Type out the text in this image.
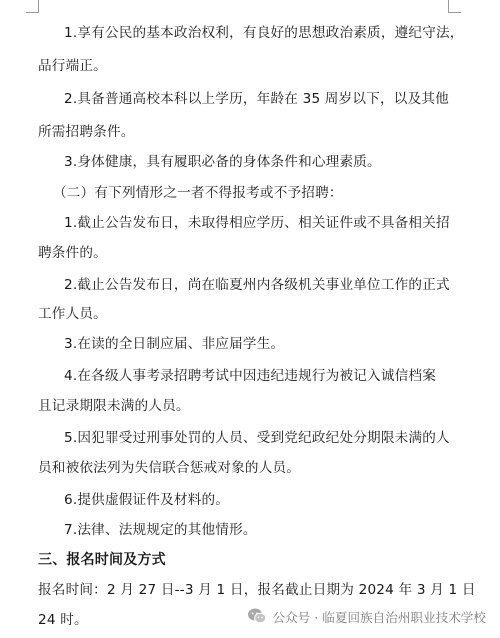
1.享有公民的基本政治权利，有良好的思想政治素质，遵纪守法，
品行端正。
2.具备普通高校本科以上学历，年龄在 35 周岁以下，以及其他
所需招聘条件。
3.身体健康，具有履职必备的身体条件和心理素质。
（二）有下列情形之一者不得报考或不予招聘：
1.截止公告发布日，未取得相应学历、相关证件或不具备相关招
聘条件的。
2.截止公告发布日，尚在临夏州内各级机关事业单位工作的正式
工作人员。
3.在读的全日制应届、非应届学生。
4.在各级人事考录招聘考试中因违纪违规行为被记入诚信档案
且记录期限未满的人员。
5.因犯罪受过刑事处罚的人员、受到党纪政纪处分期限未满的人
员和被依法列为失信联合惩戒对象的人员。
6.提供虚假证件及材料的。
7.法律、法规规定的其他情形。
三、报名时间及方式
报名时间：2 月 27 日--3 月 1 日，报名截止日期为 2024 年 3 月 1 日
24 时。	公众号 · 临夏回族自治州职业技术学校
